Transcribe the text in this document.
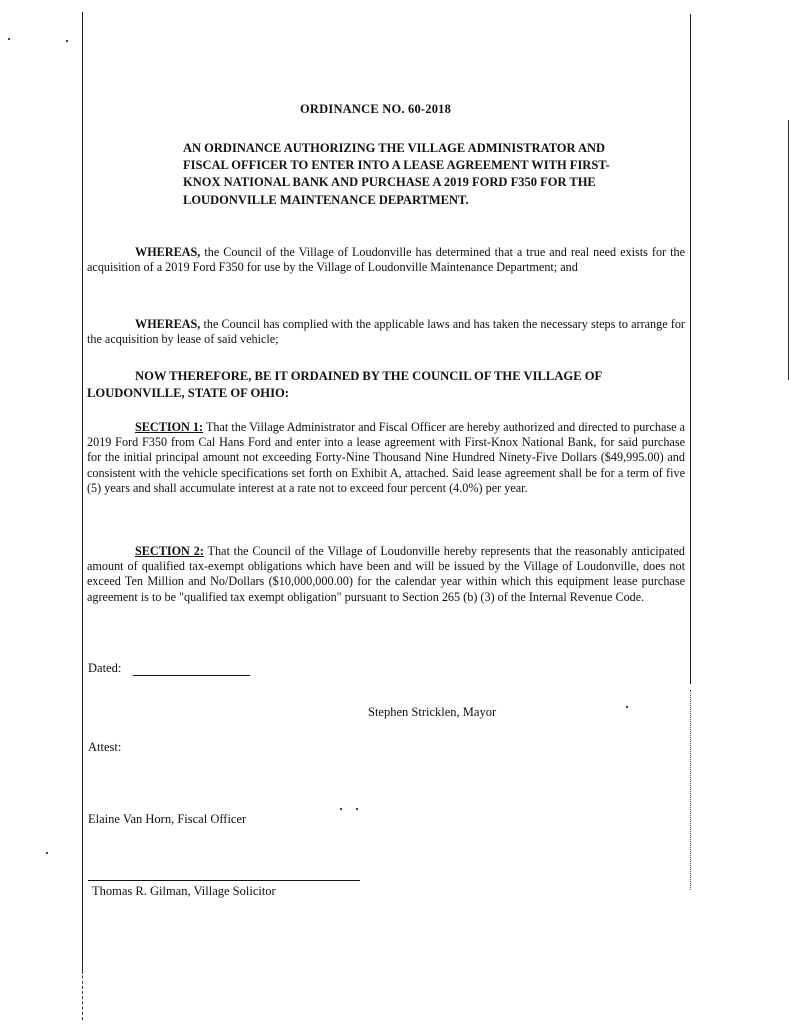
ORDINANCE NO. 60-2018
AN ORDINANCE AUTHORIZING THE VILLAGE ADMINISTRATOR AND FISCAL OFFICER TO ENTER INTO A LEASE AGREEMENT WITH FIRST-KNOX NATIONAL BANK AND PURCHASE A 2019 FORD F350 FOR THE LOUDONVILLE MAINTENANCE DEPARTMENT.
WHEREAS, the Council of the Village of Loudonville has determined that a true and real need exists for the acquisition of a 2019 Ford F350 for use by the Village of Loudonville Maintenance Department; and
WHEREAS, the Council has complied with the applicable laws and has taken the necessary steps to arrange for the acquisition by lease of said vehicle;
NOW THEREFORE, BE IT ORDAINED BY THE COUNCIL OF THE VILLAGE OF LOUDONVILLE, STATE OF OHIO:
SECTION 1: That the Village Administrator and Fiscal Officer are hereby authorized and directed to purchase a 2019 Ford F350 from Cal Hans Ford and enter into a lease agreement with First-Knox National Bank, for said purchase for the initial principal amount not exceeding Forty-Nine Thousand Nine Hundred Ninety-Five Dollars ($49,995.00) and consistent with the vehicle specifications set forth on Exhibit A, attached. Said lease agreement shall be for a term of five (5) years and shall accumulate interest at a rate not to exceed four percent (4.0%) per year.
SECTION 2: That the Council of the Village of Loudonville hereby represents that the reasonably anticipated amount of qualified tax-exempt obligations which have been and will be issued by the Village of Loudonville, does not exceed Ten Million and No/Dollars ($10,000,000.00) for the calendar year within which this equipment lease purchase agreement is to be "qualified tax exempt obligation" pursuant to Section 265 (b) (3) of the Internal Revenue Code.
Dated:
Stephen Stricklen, Mayor
Attest:
Elaine Van Horn, Fiscal Officer
Thomas R. Gilman, Village Solicitor
